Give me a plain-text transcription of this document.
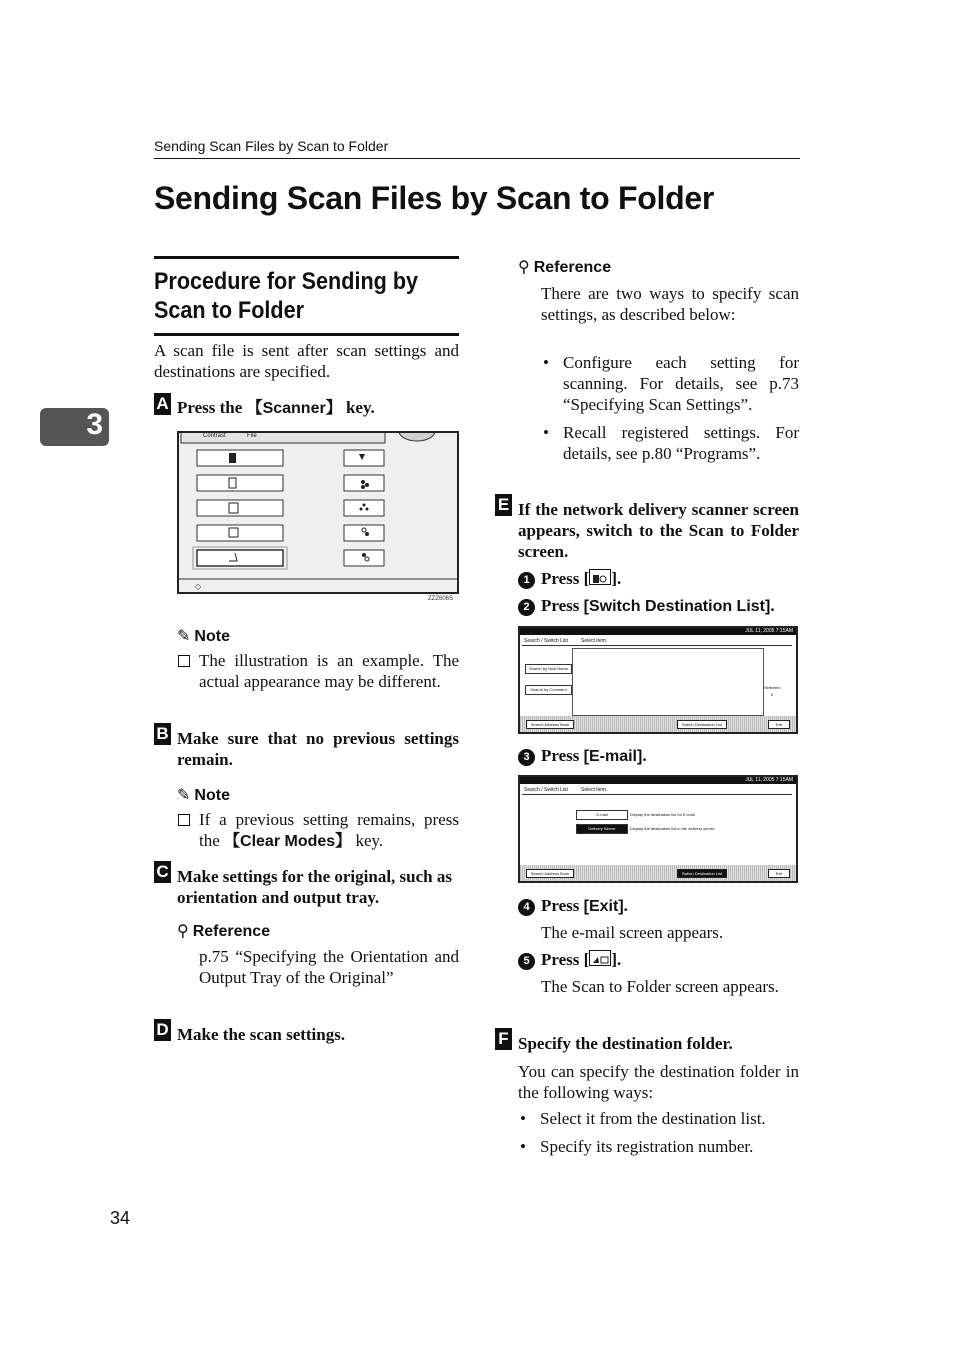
Sending Scan Files by Scan to Folder
Sending Scan Files by Scan to Folder
3
Procedure for Sending by
Scan to Folder

A scan file is sent after scan settings and destinations are specified.

A Press the 【Scanner】 key.
Contrast	File
◇
ZZZ606S
✎ Note

The illustration is an example. The actual appearance may be different.

B Make sure that no previous settings remain.
✎ Note

If a previous setting remains, press the 【Clear Modes】 key.

C Make settings for the original, such as orientation and output tray.
⚲ Reference

p.75 “Specifying the Orientation and Output Tray of the Original”

D Make the scan settings.
⚲ Reference

There are two ways to specify scan settings, as described below:

• Configure each setting for scanning. For details, see p.73 “Specifying Scan Settings”.
• Recall registered settings. For details, see p.80 “Programs”.
E If the network delivery scanner screen appears, switch to the Scan to Folder screen.
1 Press [ ].
2 Press [Switch Destination List].
JUL 11, 2005 7:15AM
Search / Switch List	Select item.
Search by Host Name
Search by Comment	Selected:
0
Search Address Book	Switch Destination List	Exit
3 Press [E-mail].
JUL 11, 2005 7:15AM
Search / Switch List	Select item.
E-mail	Display the destination list for E-mail.
Delivery Server	Display the destination list in the delivery server.
Search Address Book	Switch Destination List	Exit
4 Press [Exit].

The e-mail screen appears.

5 Press [ ].

The Scan to Folder screen appears.

F Specify the destination folder.

You can specify the destination folder in the following ways:

• Select it from the destination list.
• Specify its registration number.
34
